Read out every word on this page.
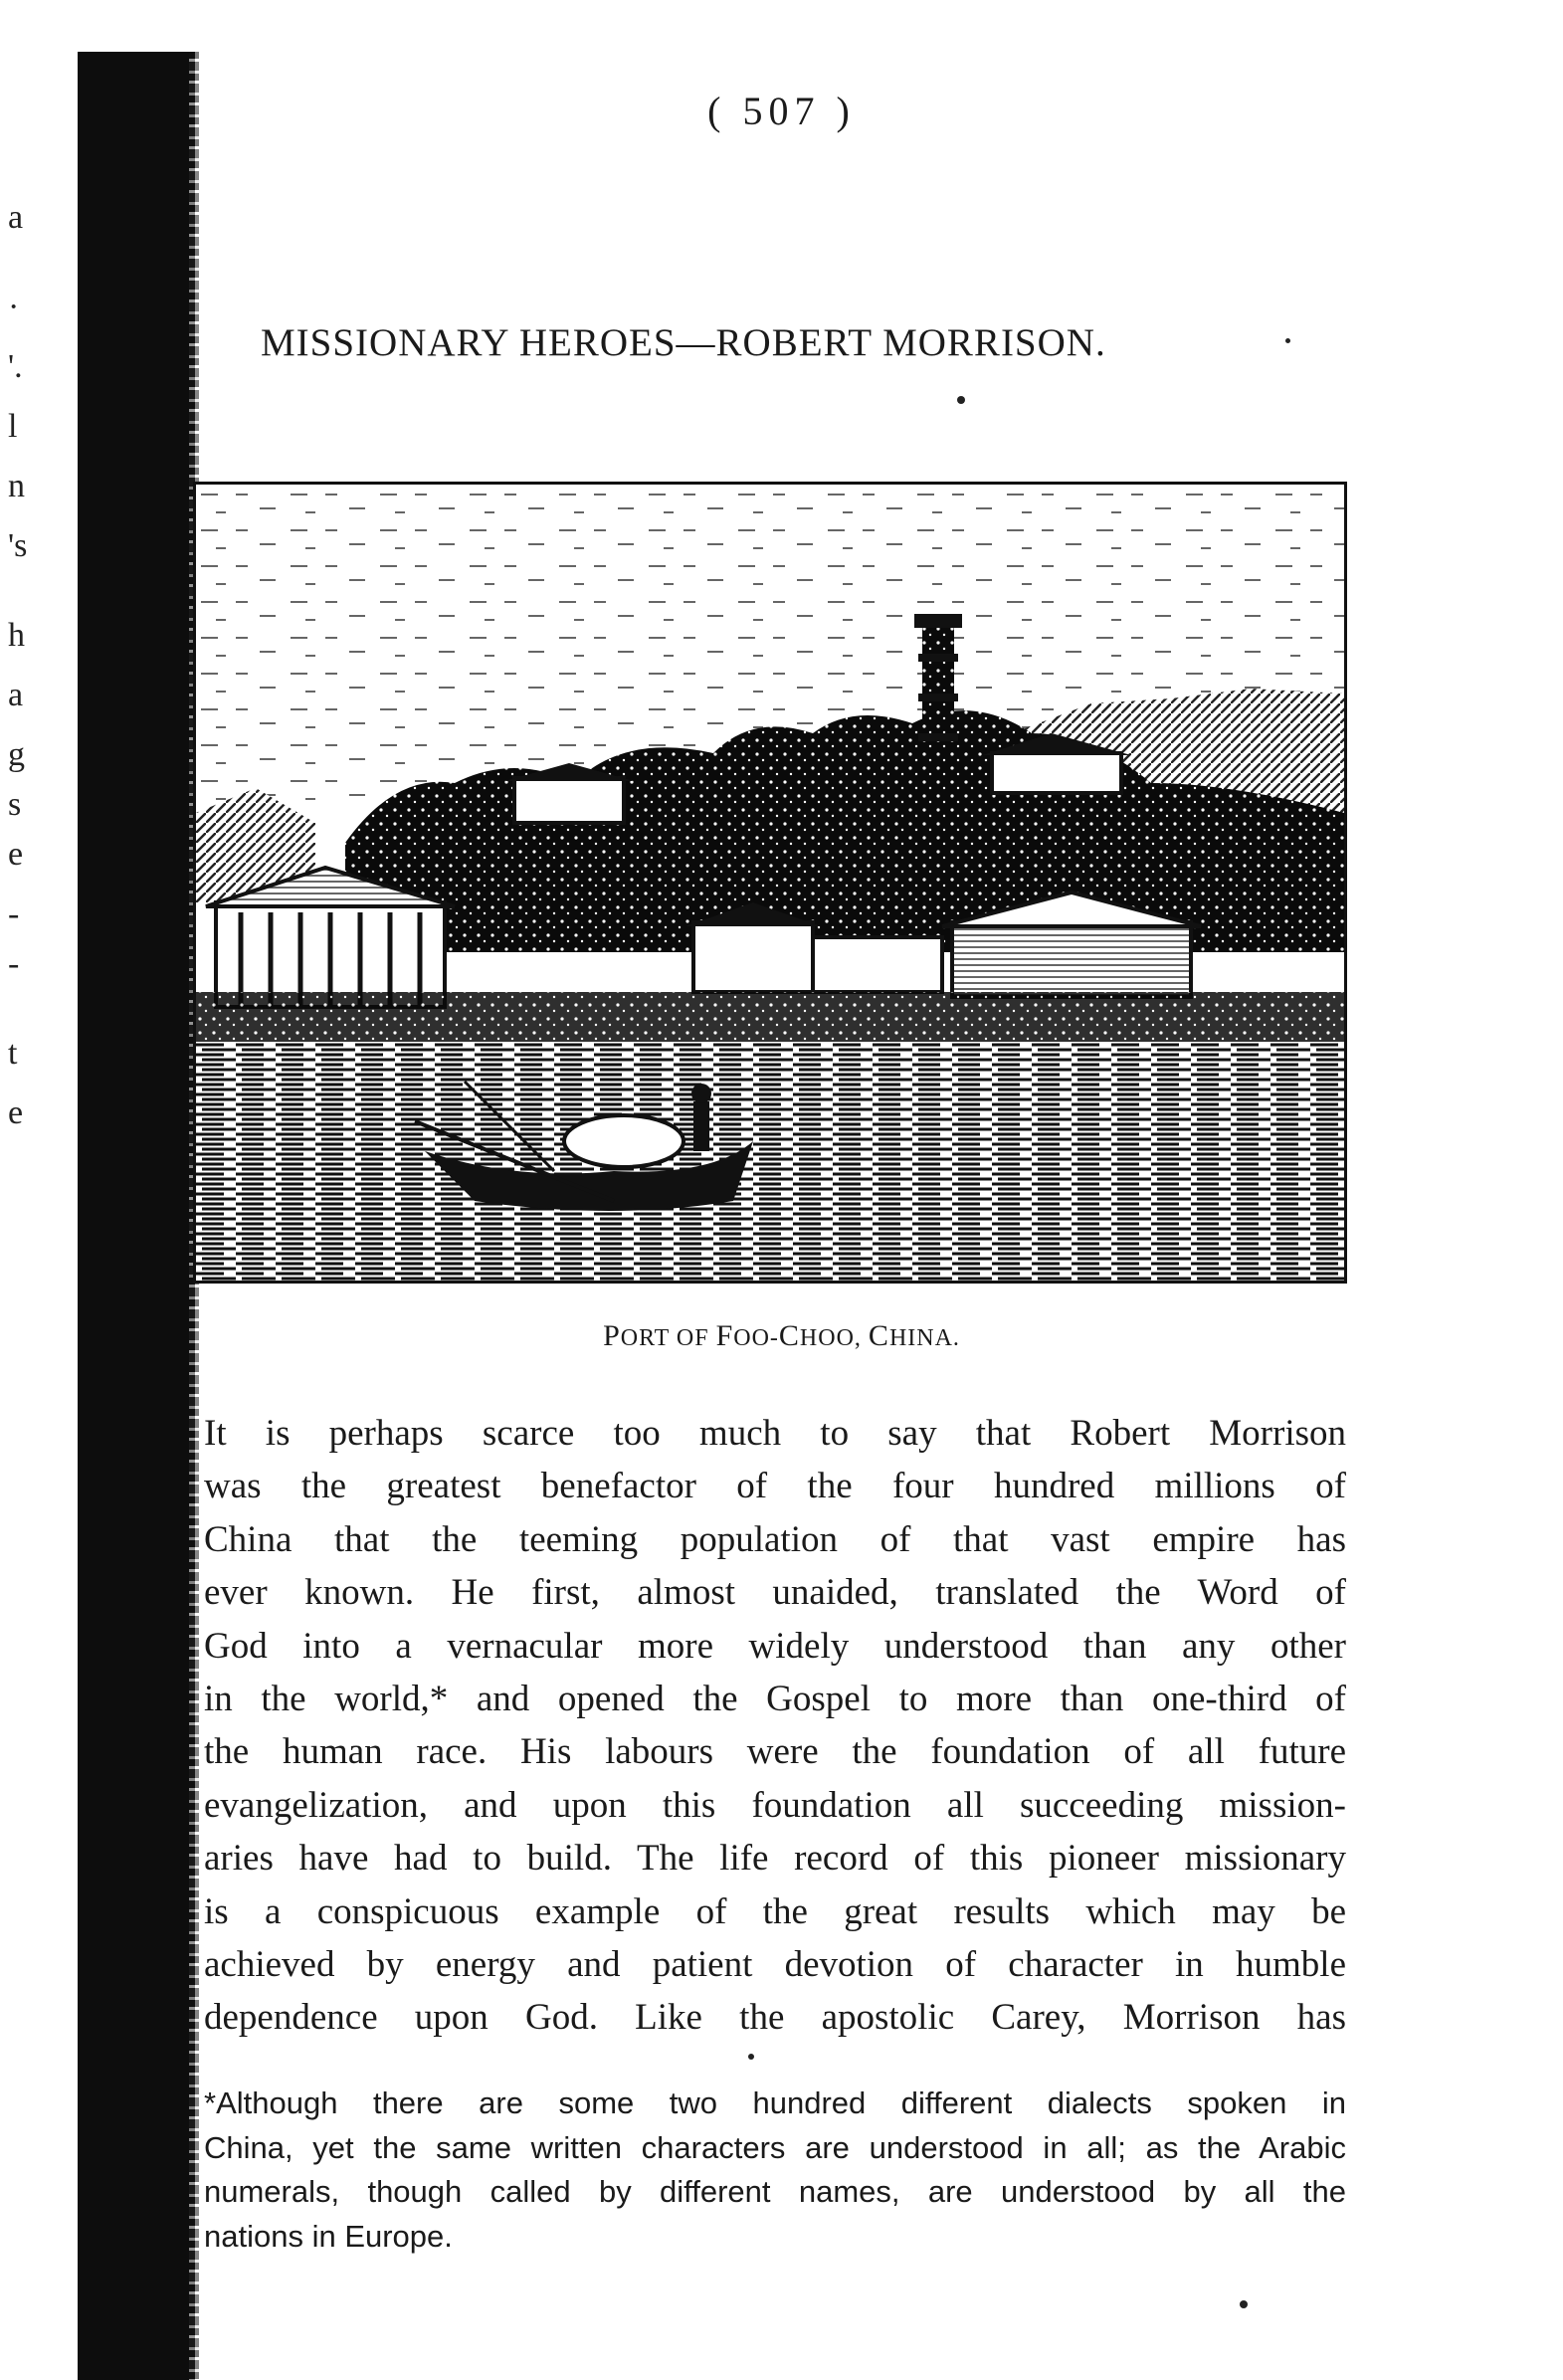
a
·
'.
l
n
's
h
a
g
s
e
-
-
t
e
( 507 )
MISSIONARY HEROES—ROBERT MORRISON.
PORT OF FOO-CHOO, CHINA.
It is perhaps scarce too much to say that Robert Morrison
was the greatest benefactor of the four hundred millions of
China that the teeming population of that vast empire has
ever known. He first, almost unaided, translated the Word of
God into a vernacular more widely understood than any other
in the world,* and opened the Gospel to more than one-third of
the human race. His labours were the foundation of all future
evangelization, and upon this foundation all succeeding mission-
aries have had to build. The life record of this pioneer missionary
is a conspicuous example of the great results which may be
achieved by energy and patient devotion of character in humble
dependence upon God. Like the apostolic Carey, Morrison has
*Although there are some two hundred different dialects spoken in
China, yet the same written characters are understood in all; as the Arabic
numerals, though called by different names, are understood by all the
nations in Europe.
